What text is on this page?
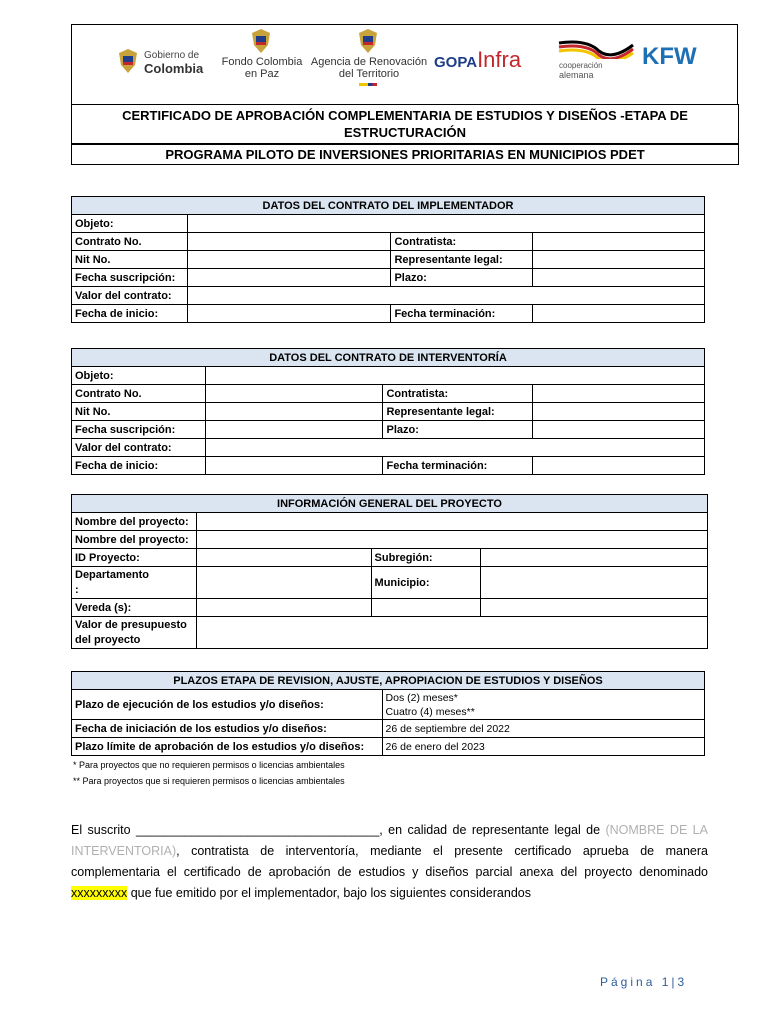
Gobierno de
Colombia	Fondo Colombia
en Paz
Agencia de Renovación
del Territorio
GOPAInfra	cooperación
alemana
KFW
CERTIFICADO DE APROBACIÓN COMPLEMENTARIA DE ESTUDIOS Y DISEÑOS -ETAPA DE
ESTRUCTURACIÓN
PROGRAMA PILOTO DE INVERSIONES PRIORITARIAS EN MUNICIPIOS PDET
DATOS DEL CONTRATO DEL IMPLEMENTADOR			
Objeto:			
Contrato No.		Contratista:	
Nit No.		Representante legal:	
Fecha suscripción:		Plazo:	
Valor del contrato:			
Fecha de inicio:		Fecha terminación:	
DATOS DEL CONTRATO DE INTERVENTORÍA			
Objeto:			
Contrato No.		Contratista:	
Nit No.		Representante legal:	
Fecha suscripción:		Plazo:	
Valor del contrato:			
Fecha de inicio:		Fecha terminación:	
INFORMACIÓN GENERAL DEL PROYECTO			
Nombre del proyecto:			
Nombre del proyecto:			
ID Proyecto:		Subregión:	

Departamento
:		Municipio:	
Vereda (s):			

Valor de presupuesto
del proyecto			

PLAZOS ETAPA DE REVISION, AJUSTE, APROPIACION DE ESTUDIOS Y DISEÑOS	
Plazo de ejecución de los estudios y/o diseños:	Dos (2) meses*
Cuatro (4) meses**

Fecha de iniciación de los estudios y/o diseños:	26 de septiembre del 2022
Plazo límite de aprobación de los estudios y/o diseños:	26 de enero del 2023
* Para proyectos que no requieren permisos o licencias ambientales
** Para proyectos que si requieren permisos o licencias ambientales
El suscrito ___________________________________, en calidad de representante legal de (NOMBRE DE LA INTERVENTORIA), contratista de interventoría, mediante el presente certificado aprueba de manera complementaria el certificado de aprobación de estudios y diseños parcial anexa del proyecto denominado xxxxxxxxx que fue emitido por el implementador, bajo los siguientes considerandos
Página 1|3
